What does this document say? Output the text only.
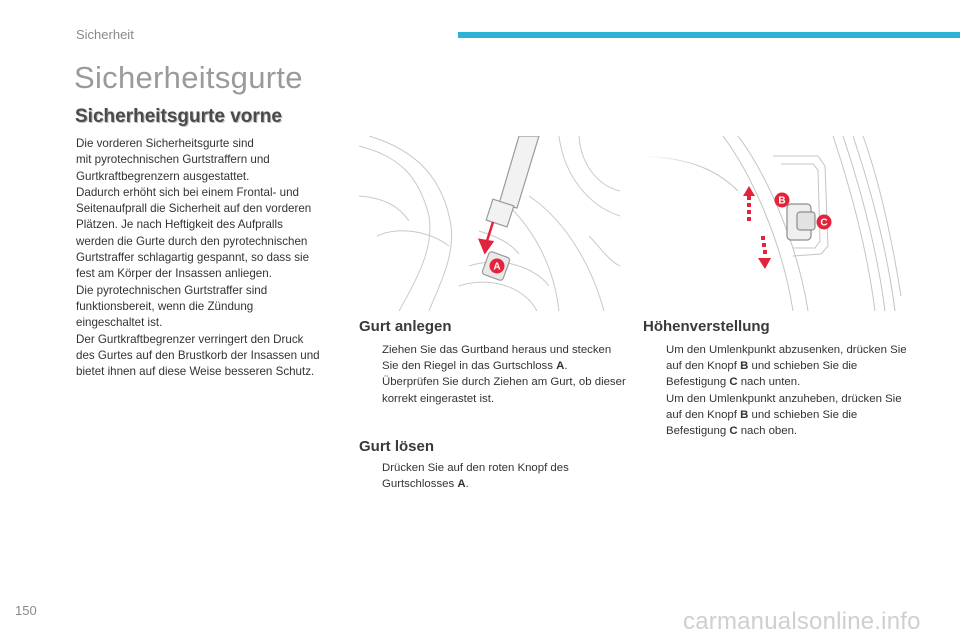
Sicherheit
Sicherheitsgurte
Sicherheitsgurte vorne
Die vorderen Sicherheitsgurte sind
mit pyrotechnischen Gurtstraffern und
Gurtkraftbegrenzern ausgestattet.
Dadurch erhöht sich bei einem Frontal- und
Seitenaufprall die Sicherheit auf den vorderen
Plätzen. Je nach Heftigkeit des Aufpralls
werden die Gurte durch den pyrotechnischen
Gurtstraffer schlagartig gespannt, so dass sie
fest am Körper der Insassen anliegen.
Die pyrotechnischen Gurtstraffer sind
funktionsbereit, wenn die Zündung
eingeschaltet ist.
Der Gurtkraftbegrenzer verringert den Druck
des Gurtes auf den Brustkorb der Insassen und
bietet ihnen auf diese Weise besseren Schutz.
A
B
C
Gurt anlegen
Ziehen Sie das Gurtband heraus und stecken Sie den Riegel in das Gurtschloss A.
Überprüfen Sie durch Ziehen am Gurt, ob dieser korrekt eingerastet ist.
Gurt lösen
Drücken Sie auf den roten Knopf des Gurtschlosses A.
Höhenverstellung
Um den Umlenkpunkt abzusenken, drücken Sie auf den Knopf B und schieben Sie die Befestigung C nach unten.
Um den Umlenkpunkt anzuheben, drücken Sie auf den Knopf B und schieben Sie die Befestigung C nach oben.
150	carmanualsonline.info
